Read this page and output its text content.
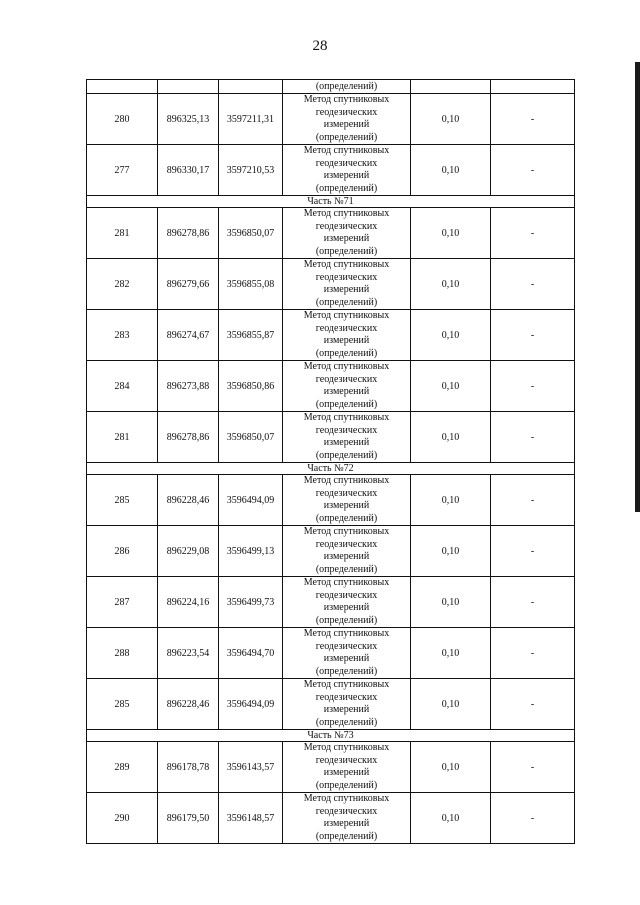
28
			(определений)		
280	896325,13	3597211,31	Метод спутниковых
геодезических
измерений
(определений)	0,10	-
277	896330,17	3597210,53	Метод спутниковых
геодезических
измерений
(определений)	0,10	-
Часть №71					
281	896278,86	3596850,07	Метод спутниковых
геодезических
измерений
(определений)	0,10	-
282	896279,66	3596855,08	Метод спутниковых
геодезических
измерений
(определений)	0,10	-
283	896274,67	3596855,87	Метод спутниковых
геодезических
измерений
(определений)	0,10	-
284	896273,88	3596850,86	Метод спутниковых
геодезических
измерений
(определений)	0,10	-
281	896278,86	3596850,07	Метод спутниковых
геодезических
измерений
(определений)	0,10	-
Часть №72					
285	896228,46	3596494,09	Метод спутниковых
геодезических
измерений
(определений)	0,10	-
286	896229,08	3596499,13	Метод спутниковых
геодезических
измерений
(определений)	0,10	-
287	896224,16	3596499,73	Метод спутниковых
геодезических
измерений
(определений)	0,10	-
288	896223,54	3596494,70	Метод спутниковых
геодезических
измерений
(определений)	0,10	-
285	896228,46	3596494,09	Метод спутниковых
геодезических
измерений
(определений)	0,10	-
Часть №73					
289	896178,78	3596143,57	Метод спутниковых
геодезических
измерений
(определений)	0,10	-
290	896179,50	3596148,57	Метод спутниковых
геодезических
измерений
(определений)	0,10	-
